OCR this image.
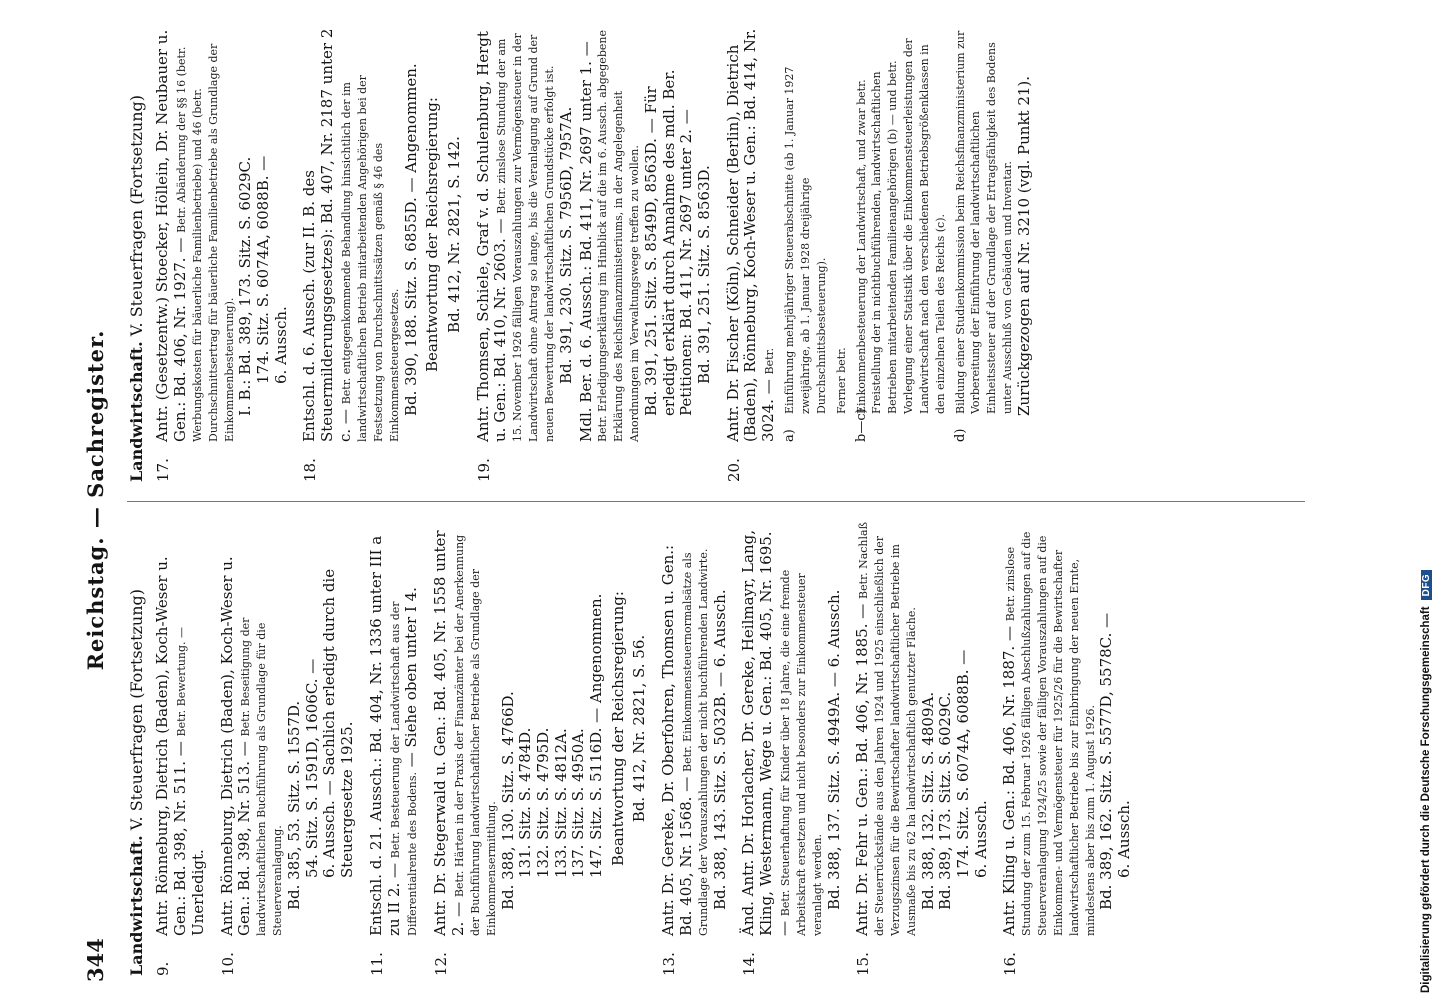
344
Reichstag. — Sachregister.
Landwirtschaft. V. Steuerfragen (Fortsetzung)
9.
Antr. Rönneburg, Dietrich (Baden), Koch-Weser u. Gen.: Bd. 398, Nr. 511. — Betr. Bewertung. —
Unerledigt.
10.
Antr. Rönneburg, Dietrich (Baden), Koch-Weser u. Gen.: Bd. 398, Nr. 513. — Betr. Beseitigung der landwirtschaftlichen Buchführung als Grundlage für die Steuerveranlagung. Bd. 385, 53. Sitz. S. 1557D. 54. Sitz. S. 1591D, 1606C. — 6. Aussch. — Sachlich erledigt durch die Steuergesetze 1925.
11.
Entschl. d. 21. Aussch.: Bd. 404, Nr. 1336 unter III a zu II 2. — Betr. Besteuerung der Landwirtschaft aus der Differentialrente des Bodens. — Siehe oben unter I 4.
12.
Antr. Dr. Stegerwald u. Gen.: Bd. 405, Nr. 1558 unter 2. — Betr. Härten in der Praxis der Finanzämter bei der Anerkennung der Buchführung landwirtschaftlicher Betriebe als Grundlage der Einkommensermittlung. Bd. 388, 130. Sitz. S. 4766D. 131. Sitz. S. 4784D. 132. Sitz. S. 4795D. 133. Sitz. S. 4812A. 137. Sitz. S. 4950A. 147. Sitz. S. 5116D. — Angenommen. Beantwortung der Reichsregierung: Bd. 412, Nr. 2821, S. 56.
13.
Antr. Dr. Gereke, Dr. Oberfohren, Thomsen u. Gen.: Bd. 405, Nr. 1568. — Betr. Einkommensteuernormalsätze als Grundlage der Vorauszahlungen der nicht buchführenden Landwirte. Bd. 388, 143. Sitz. S. 5032B. — 6. Aussch.
14.
Änd. Antr. Dr. Horlacher, Dr. Gereke, Heilmayr, Lang, Kling, Westermann, Wege u. Gen.: Bd. 405, Nr. 1695. — Betr. Steuerhaftung für Kinder über 18 Jahre, die eine fremde Arbeitskraft ersetzen und nicht besonders zur Einkommensteuer veranlagt werden. Bd. 388, 137. Sitz. S. 4949A. — 6. Aussch.
15.
Antr. Dr. Fehr u. Gen.: Bd. 406, Nr. 1885. — Betr. Nachlaß der Steuerrückstände aus den Jahren 1924 und 1925 einschließlich der Verzugszinsen für die Bewirtschafter landwirtschaftlicher Betriebe im Ausmaße bis zu 62 ha landwirtschaftlich genutzter Fläche. Bd. 388, 132. Sitz. S. 4809A. Bd. 389, 173. Sitz. S. 6029C. 174. Sitz. S. 6074A, 6088B. — 6. Aussch.
16.
Antr. Kling u. Gen.: Bd. 406, Nr. 1887. — Betr. zinslose Stundung der zum 15. Februar 1926 fälligen Abschlußzahlungen auf die Steuerveranlagung 1924/25 sowie der fälligen Vorauszahlungen auf die Einkommen- und Vermögensteuer für 1925/26 für die Bewirtschafter landwirtschaftlicher Betriebe bis zur Einbringung der neuen Ernte, mindestens aber bis zum 1. August 1926. Bd. 389, 162. Sitz. S. 5577D, 5578C. — 6. Aussch.
Landwirtschaft. V. Steuerfragen (Fortsetzung)
17.
Antr. (Gesetzentw.) Stoecker, Höllein, Dr. Neubauer u. Gen.: Bd. 406, Nr. 1927. — Betr. Abänderung der §§ 16 (betr. Werbungskosten für bäuerliche Familienbetriebe) und 46 (betr. Durchschnittsertrag für bäuerliche Familienbetriebe als Grundlage der Einkommenbesteuerung). I. B.: Bd. 389, 173. Sitz. S. 6029C. 174. Sitz. S. 6074A, 6088B. — 6. Aussch.
18.
Entschl. d. 6. Aussch. (zur II. B. des Steuermilderungsgesetzes): Bd. 407, Nr. 2187 unter 2 c. — Betr. entgegenkommende Behandlung hinsichtlich der im landwirtschaftlichen Betrieb mitarbeitenden Angehörigen bei der Festsetzung von Durchschnittssätzen gemäß § 46 des Einkommensteuergesetzes. Bd. 390, 188. Sitz. S. 6855D. — Angenommen. Beantwortung der Reichsregierung: Bd. 412, Nr. 2821, S. 142.
19.
Antr. Thomsen, Schiele, Graf v. d. Schulenburg, Hergt u. Gen.: Bd. 410, Nr. 2603. — Betr. zinslose Stundung der am 15. November 1926 fälligen Vorauszahlungen zur Vermögensteuer in der Landwirtschaft ohne Antrag so lange, bis die Veranlagung auf Grund der neuen Bewertung der landwirtschaftlichen Grundstücke erfolgt ist. Bd. 391, 230. Sitz. S. 7956D, 7957A. Mdl. Ber. d. 6. Aussch.: Bd. 411, Nr. 2697 unter 1. — Betr. Erledigungserklärung im Hinblick auf die im 6. Aussch. abgegebene Erklärung des Reichsfinanzministeriums, in der Angelegenheit Anordnungen im Verwaltungswege treffen zu wollen. Bd. 391, 251. Sitz. S. 8549D, 8563D. — Für erledigt erklärt durch Annahme des mdl. Ber. Petitionen: Bd. 411, Nr. 2697 unter 2. — Bd. 391, 251. Sitz. S. 8563D.
20.
Antr. Dr. Fischer (Köln), Schneider (Berlin), Dietrich (Baden), Rönneburg, Koch-Weser u. Gen.: Bd. 414, Nr. 3024. — Betr.
a)
Einführung mehrjähriger Steuerabschnitte (ab 1. Januar 1927 zweijährige, ab 1. Januar 1928 dreijährige Durchschnittsbesteuerung). Ferner betr.
b—c)
Einkommenbesteuerung der Landwirtschaft, und zwar betr. Freistellung der in nichtbuchführenden, landwirtschaftlichen Betrieben mitarbeitenden Familienangehörigen (b) — und betr. Vorlegung einer Statistik über die Einkommensteuerleistungen der Landwirtschaft nach den verschiedenen Betriebsgrößenklassen in den einzelnen Teilen des Reichs (c).
d)
Bildung einer Studienkommission beim Reichsfinanzministerium zur Vorbereitung der Einführung der landwirtschaftlichen Einheitssteuer auf der Grundlage der Ertragsfähigkeit des Bodens unter Ausschluß von Gebäuden und Inventar. Zurückgezogen auf Nr. 3210 (vgl. Punkt 21).
Digitalisierung gefördert durch die Deutsche ForschungsgemeinschaftDFG
